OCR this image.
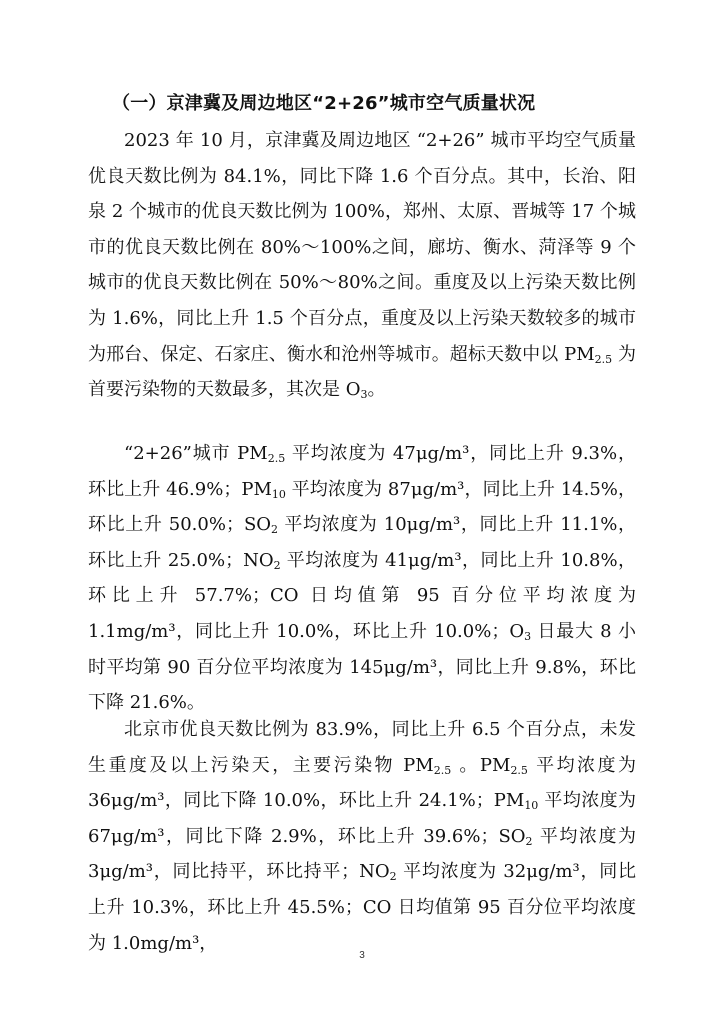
（一）京津冀及周边地区“2+26”城市空气质量状况

2023 年 10 月，京津冀及周边地区 “2+26” 城市平均空气质量优良天数比例为 84.1%，同比下降 1.6 个百分点。其中，长治、阳泉 2 个城市的优良天数比例为 100%，郑州、太原、晋城等 17 个城市的优良天数比例在 80%～100%之间，廊坊、衡水、菏泽等 9 个城市的优良天数比例在 50%～80%之间。重度及以上污染天数比例为 1.6%，同比上升 1.5 个百分点，重度及以上污染天数较多的城市为邢台、保定、石家庄、衡水和沧州等城市。超标天数中以 $PM_{2.5}$ 为首要污染物的天数最多，其次是 $O_3$。

“2+26”城市 $PM_{2.5}$ 平均浓度为 47μg/m³，同比上升 9.3%，环比上升 46.9%；$PM_{10}$ 平均浓度为 87μg/m³，同比上升 14.5%，环比上升 50.0%；$SO_2$ 平均浓度为 10μg/m³，同比上升 11.1%，环比上升 25.0%；$NO_2$ 平均浓度为 41μg/m³，同比上升 10.8%，环比上升 57.7%；CO 日均值第 95 百分位平均浓度为 1.1mg/m³，同比上升 10.0%，环比上升 10.0%；$O_3$ 日最大 8 小时平均第 90 百分位平均浓度为 145μg/m³，同比上升 9.8%，环比下降 21.6%。

北京市优良天数比例为 83.9%，同比上升 6.5 个百分点，未发生重度及以上污染天，主要污染物 $PM_{2.5}$ 。$PM_{2.5}$ 平均浓度为 36μg/m³，同比下降 10.0%，环比上升 24.1%；$PM_{10}$ 平均浓度为 67μg/m³，同比下降 2.9%，环比上升 39.6%；$SO_2$ 平均浓度为 3μg/m³，同比持平，环比持平；$NO_2$ 平均浓度为 32μg/m³，同比上升 10.3%，环比上升 45.5%；CO 日均值第 95 百分位平均浓度为 1.0mg/m³，

3
